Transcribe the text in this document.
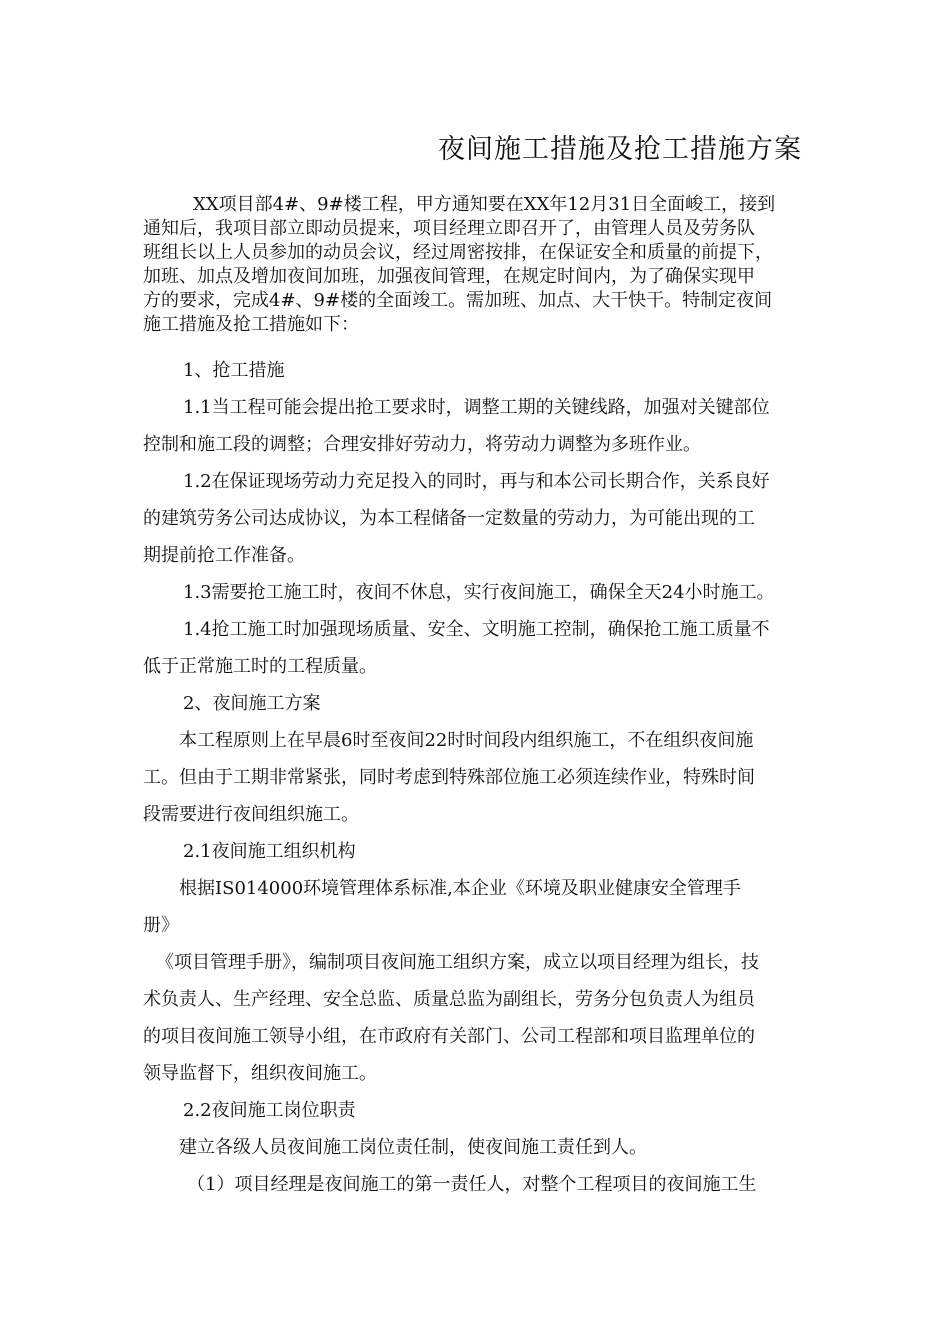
夜间施工措施及抢工措施方案
XX项目部4#、9#楼工程，甲方通知要在XX年12月31日全面峻工，接到
通知后，我项目部立即动员提来，项目经理立即召开了，由管理人员及劳务队
班组长以上人员参加的动员会议，经过周密按排，在保证安全和质量的前提下，
加班、加点及增加夜间加班，加强夜间管理，在规定时间内，为了确保实现甲
方的要求，完成4#、9#楼的全面竣工。需加班、加点、大干快干。特制定夜间
施工措施及抢工措施如下：
1、抢工措施
1.1当工程可能会提出抢工要求时，调整工期的关键线路，加强对关键部位
控制和施工段的调整；合理安排好劳动力，将劳动力调整为多班作业。
1.2在保证现场劳动力充足投入的同时，再与和本公司长期合作，关系良好
的建筑劳务公司达成协议，为本工程储备一定数量的劳动力，为可能出现的工
期提前抢工作准备。
1.3需要抢工施工时，夜间不休息，实行夜间施工，确保全天24小时施工。
1.4抢工施工时加强现场质量、安全、文明施工控制，确保抢工施工质量不
低于正常施工时的工程质量。
2、夜间施工方案
本工程原则上在早晨6时至夜间22时时间段内组织施工，不在组织夜间施
工。但由于工期非常紧张，同时考虑到特殊部位施工必须连续作业，特殊时间
段需要进行夜间组织施工。
2.1夜间施工组织机构
根据IS014000环境管理体系标准,本企业《环境及职业健康安全管理手
册》
《项目管理手册》，编制项目夜间施工组织方案，成立以项目经理为组长，技
术负责人、生产经理、安全总监、质量总监为副组长，劳务分包负责人为组员
的项目夜间施工领导小组，在市政府有关部门、公司工程部和项目监理单位的
领导监督下，组织夜间施工。
2.2夜间施工岗位职责
建立各级人员夜间施工岗位责任制，使夜间施工责任到人。
（1）项目经理是夜间施工的第一责任人，对整个工程项目的夜间施工生
